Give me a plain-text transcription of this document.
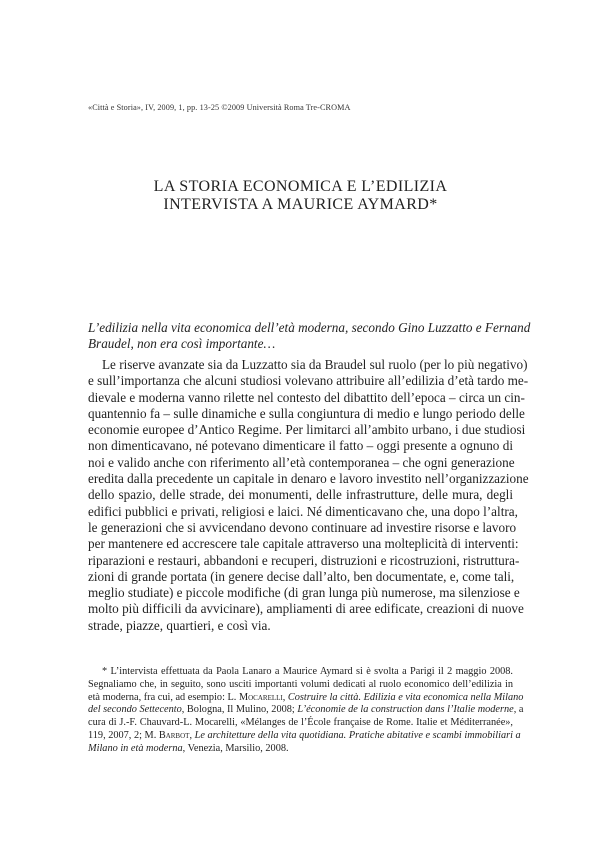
«Città e Storia», IV, 2009, 1, pp. 13-25 ©2009 Università Roma Tre-CROMA
LA STORIA ECONOMICA E L’EDILIZIA
INTERVISTA A MAURICE AYMARD*
L’edilizia nella vita economica dell’età moderna, secondo Gino Luzzatto e Fernand
Braudel, non era così importante…
Le riserve avanzate sia da Luzzatto sia da Braudel sul ruolo (per lo più negativo)
e sull’importanza che alcuni studiosi volevano attribuire all’edilizia d’età tardo me-
dievale e moderna vanno rilette nel contesto del dibattito dell’epoca – circa un cin-
quantennio fa – sulle dinamiche e sulla congiuntura di medio e lungo periodo delle
economie europee d’Antico Regime. Per limitarci all’ambito urbano, i due studiosi
non dimenticavano, né potevano dimenticare il fatto – oggi presente a ognuno di
noi e valido anche con riferimento all’età contemporanea – che ogni generazione
eredita dalla precedente un capitale in denaro e lavoro investito nell’organizzazione
dello spazio, delle strade, dei monumenti, delle infrastrutture, delle mura, degli
edifici pubblici e privati, religiosi e laici. Né dimenticavano che, una dopo l’altra,
le generazioni che si avvicendano devono continuare ad investire risorse e lavoro
per mantenere ed accrescere tale capitale attraverso una molteplicità di interventi:
riparazioni e restauri, abbandoni e recuperi, distruzioni e ricostruzioni, ristruttura-
zioni di grande portata (in genere decise dall’alto, ben documentate, e, come tali,
meglio studiate) e piccole modifiche (di gran lunga più numerose, ma silenziose e
molto più difficili da avvicinare), ampliamenti di aree edificate, creazioni di nuove
strade, piazze, quartieri, e così via.
* L’intervista effettuata da Paola Lanaro a Maurice Aymard si è svolta a Parigi il 2 maggio 2008.
Segnaliamo che, in seguito, sono usciti importanti volumi dedicati al ruolo economico dell’edilizia in
età moderna, fra cui, ad esempio: L. Mocarelli, Costruire la città. Edilizia e vita economica nella Milano
del secondo Settecento, Bologna, Il Mulino, 2008; L’économie de la construction dans l’Italie moderne, a
cura di J.-F. Chauvard-L. Mocarelli, «Mélanges de l’École française de Rome. Italie et Méditerranée»,
119, 2007, 2; M. Barbot, Le architetture della vita quotidiana. Pratiche abitative e scambi immobiliari a
Milano in età moderna, Venezia, Marsilio, 2008.
